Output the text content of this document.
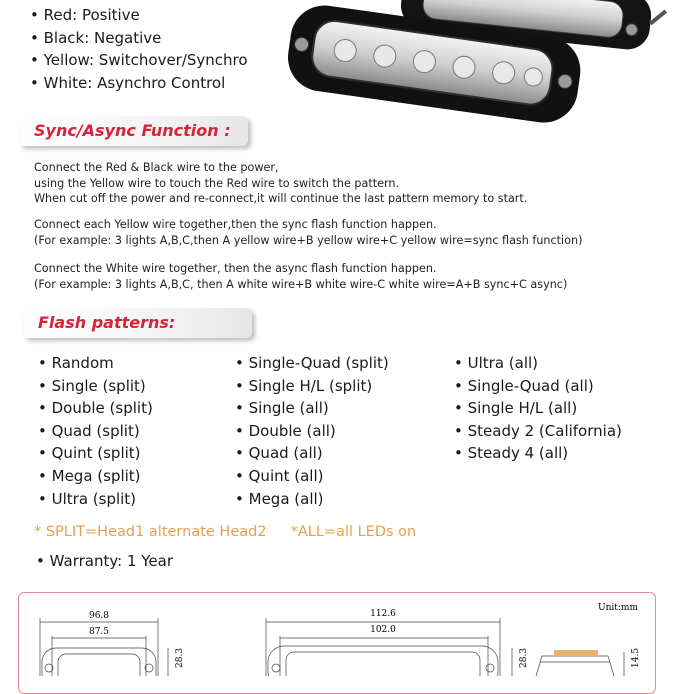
• Red: Positive
• Black: Negative
• Yellow: Switchover/Synchro
• White: Asynchro Control
Sync/Async Function :
Connect the Red & Black wire to the power,
using the Yellow wire to touch the Red wire to switch the pattern.
When cut off the power and re-connect,it will continue the last pattern memory to start.
Connect each Yellow wire together,then the sync flash function happen.
(For example: 3 lights A,B,C,then A yellow wire+B yellow wire+C yellow wire=sync flash function)
Connect the White wire together, then the async flash function happen.
(For example: 3 lights A,B,C, then A white wire+B white wire-C white wire=A+B sync+C async)
Flash patterns:
• Random
• Single (split)
• Double (split)
• Quad (split)
• Quint (split)
• Mega (split)
• Ultra (split)
• Single-Quad (split)
• Single H/L (split)
• Single (all)
• Double (all)
• Quad (all)
• Quint (all)
• Mega (all)
• Ultra (all)
• Single-Quad (all)
• Single H/L (all)
• Steady 2 (California)
• Steady 4 (all)
* SPLIT=Head1 alternate Head2 *ALL=all LEDs on
• Warranty: 1 Year
96.8
87.5
112.6
102.0
28.3	28.3	14.5
Unit:mm
